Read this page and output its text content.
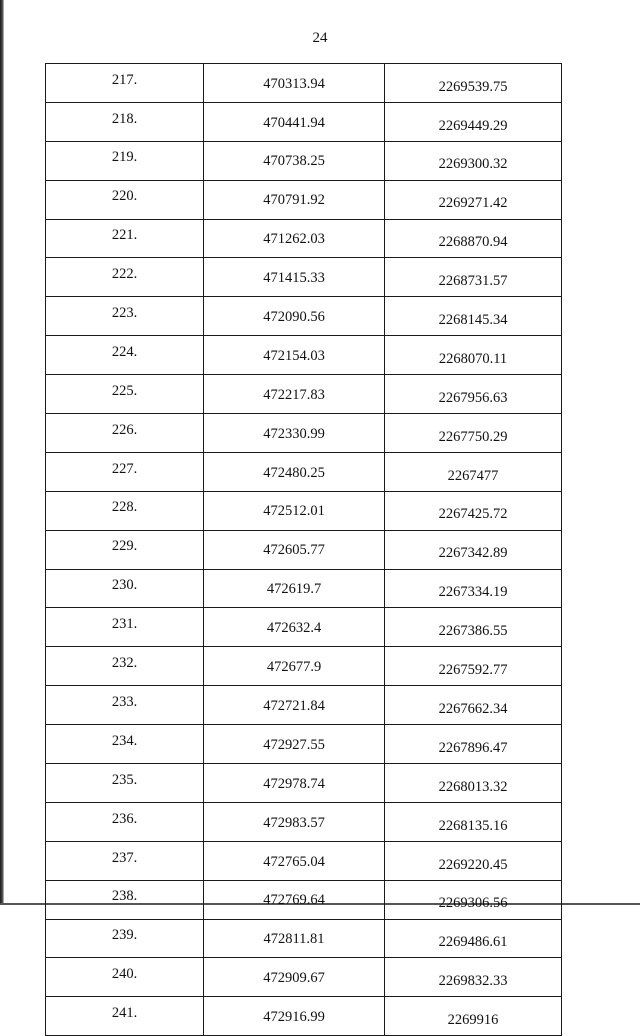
24
217.	470313.94	2269539.75
218.	470441.94	2269449.29
219.	470738.25	2269300.32
220.	470791.92	2269271.42
221.	471262.03	2268870.94
222.	471415.33	2268731.57
223.	472090.56	2268145.34
224.	472154.03	2268070.11
225.	472217.83	2267956.63
226.	472330.99	2267750.29
227.	472480.25	2267477
228.	472512.01	2267425.72
229.	472605.77	2267342.89
230.	472619.7	2267334.19
231.	472632.4	2267386.55
232.	472677.9	2267592.77
233.	472721.84	2267662.34
234.	472927.55	2267896.47
235.	472978.74	2268013.32
236.	472983.57	2268135.16
237.	472765.04	2269220.45
238.	472769.64	2269306.56
239.	472811.81	2269486.61
240.	472909.67	2269832.33
241.	472916.99	2269916
